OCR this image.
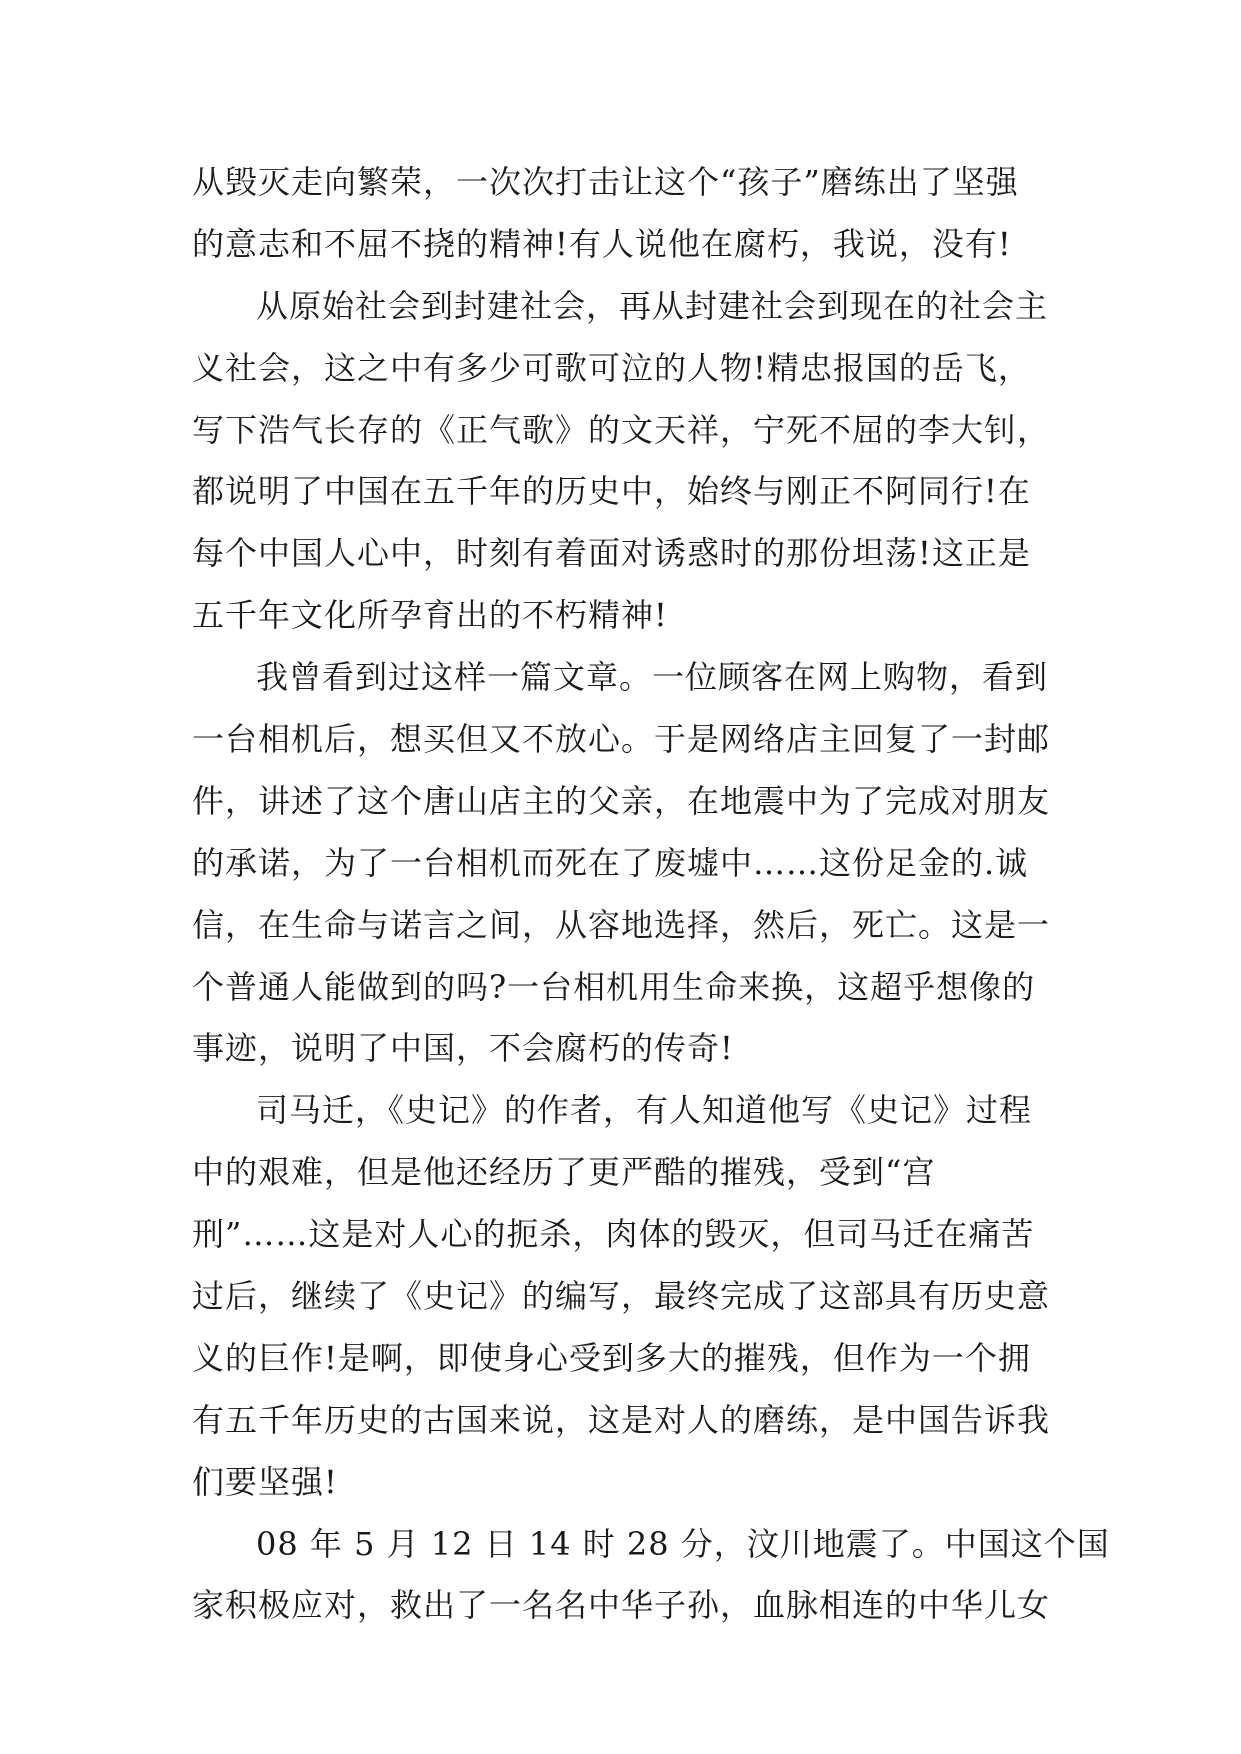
从毁灭走向繁荣，一次次打击让这个“孩子”磨练出了坚强
的意志和不屈不挠的精神!有人说他在腐朽，我说，没有!
从原始社会到封建社会，再从封建社会到现在的社会主
义社会，这之中有多少可歌可泣的人物!精忠报国的岳飞，
写下浩气长存的《正气歌》的文天祥，宁死不屈的李大钊，
都说明了中国在五千年的历史中，始终与刚正不阿同行!在
每个中国人心中，时刻有着面对诱惑时的那份坦荡!这正是
五千年文化所孕育出的不朽精神!
我曾看到过这样一篇文章。一位顾客在网上购物，看到
一台相机后，想买但又不放心。于是网络店主回复了一封邮
件，讲述了这个唐山店主的父亲，在地震中为了完成对朋友
的承诺，为了一台相机而死在了废墟中……这份足金的.诚
信，在生命与诺言之间，从容地选择，然后，死亡。这是一
个普通人能做到的吗?一台相机用生命来换，这超乎想像的
事迹，说明了中国，不会腐朽的传奇!
司马迁，《史记》的作者，有人知道他写《史记》过程
中的艰难，但是他还经历了更严酷的摧残，受到“宫
刑”……这是对人心的扼杀，肉体的毁灭，但司马迁在痛苦
过后，继续了《史记》的编写，最终完成了这部具有历史意
义的巨作!是啊，即使身心受到多大的摧残，但作为一个拥
有五千年历史的古国来说，这是对人的磨练，是中国告诉我
们要坚强!
08 年 5 月 12 日 14 时 28 分，汶川地震了。中国这个国
家积极应对，救出了一名名中华子孙，血脉相连的中华儿女
